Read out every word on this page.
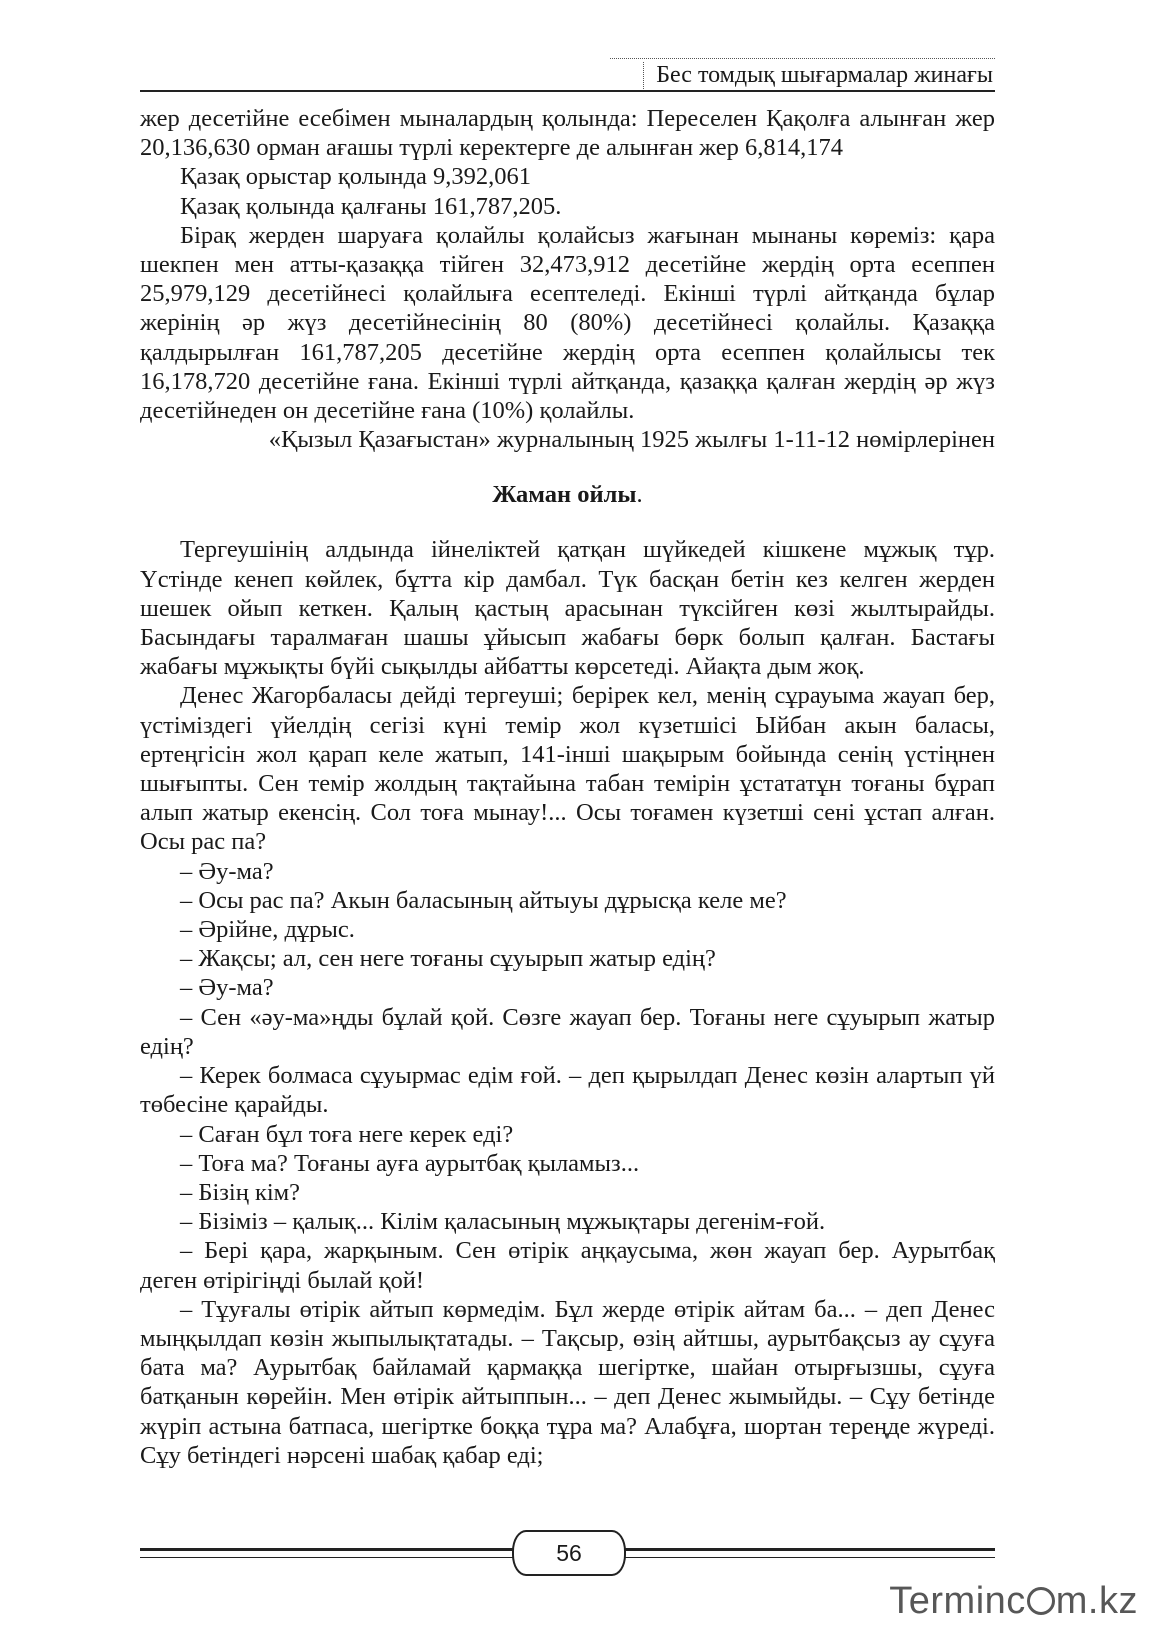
Бес томдық шығармалар жинағы

жер десетійне есебімен мыналардың қолында: Переселен Қақолға алынған жер 20,136,630 орман ағашы түрлі керектерге де алынған жер 6,814,174

Қазақ орыстар қолында 9,392,061

Қазақ қолында қалғаны 161,787,205.

Бірақ жерден шаруаға қолайлы қолайсыз жағынан мынаны көреміз: қара шекпен мен атты-қазаққа тійген 32,473,912 десетійне жердің орта есеппен 25,979,129 десетійнесі қолайлыға есептеледі. Екінші түрлі айтқанда бұлар жерінің әр жүз десетійнесінің 80 (80%) десетійнесі қолайлы. Қазаққа қалдырылған 161,787,205 десетійне жердің орта есеппен қолайлысы тек 16,178,720 десетійне ғана. Екінші түрлі айтқанда, қазаққа қалған жердің әр жүз десетійнеден он десетійне ғана (10%) қолайлы.

«Қызыл Қазағыстан» журналының 1925 жылғы 1-11-12 нөмірлерінен

Жаман ойлы.

Тергеушінің алдында ійнеліктей қатқан шүйкедей кішкене мұжық тұр. Үстінде кенеп көйлек, бұтта кір дамбал. Түк басқан бетін кез келген жерден шешек ойып кеткен. Қалың қастың арасынан түксійген көзі жылтырайды. Басындағы таралмаған шашы ұйысып жабағы бөрк болып қалған. Бастағы жабағы мұжықты бүйі сықылды айбатты көрсетеді. Айақта дым жоқ.

Денес Жагорбаласы дейді тергеуші; берірек кел, менің сұрауыма жауап бер, үстіміздегі үйелдің сегізі күні темір жол күзетшісі Ыйбан акын баласы, ертеңгісін жол қарап келе жатып, 141-інші шақырым бойында сенің үстіңнен шығыпты. Сен темір жолдың тақтайына табан темірін ұстататұн тоғаны бұрап алып жатыр екенсің. Сол тоға мынау!... Осы тоғамен күзетші сені ұстап алған. Осы рас па?

– Әу-ма?

– Осы рас па? Акын баласының айтыуы дұрысқа келе ме?

– Әрійне, дұрыс.

– Жақсы; ал, сен неге тоғаны сұуырып жатыр едің?

– Әу-ма?

– Сен «әу-ма»ңды бұлай қой. Сөзге жауап бер. Тоғаны неге сұуырып жатыр едің?

– Керек болмаса сұуырмас едім ғой. – деп қырылдап Денес көзін алартып үй төбесіне қарайды.

– Саған бұл тоға неге керек еді?

– Тоға ма? Тоғаны ауға аурытбақ қыламыз...

– Бізің кім?

– Бізіміз – қалық... Кілім қаласының мұжықтары дегенім-ғой.

– Бері қара, жарқыным. Сен өтірік аңқаусыма, жөн жауап бер. Аурытбақ деген өтірігіңді былай қой!

– Тұуғалы өтірік айтып көрмедім. Бұл жерде өтірік айтам ба... – деп Денес мыңқылдап көзін жыпылықтатады. – Тақсыр, өзің айтшы, аурытбақсыз ау сұуға бата ма? Аурытбақ байламай қармаққа шегіртке, шайан отырғызшы, сұуға батқанын көрейін. Мен өтірік айтыппын... – деп Денес жымыйды. – Сұу бетінде жүріп астына батпаса, шегіртке боққа тұра ма? Алабұға, шортан тереңде жүреді. Сұу бетіндегі нәрсені шабақ қабар еді;

56
Terminc m.kz
